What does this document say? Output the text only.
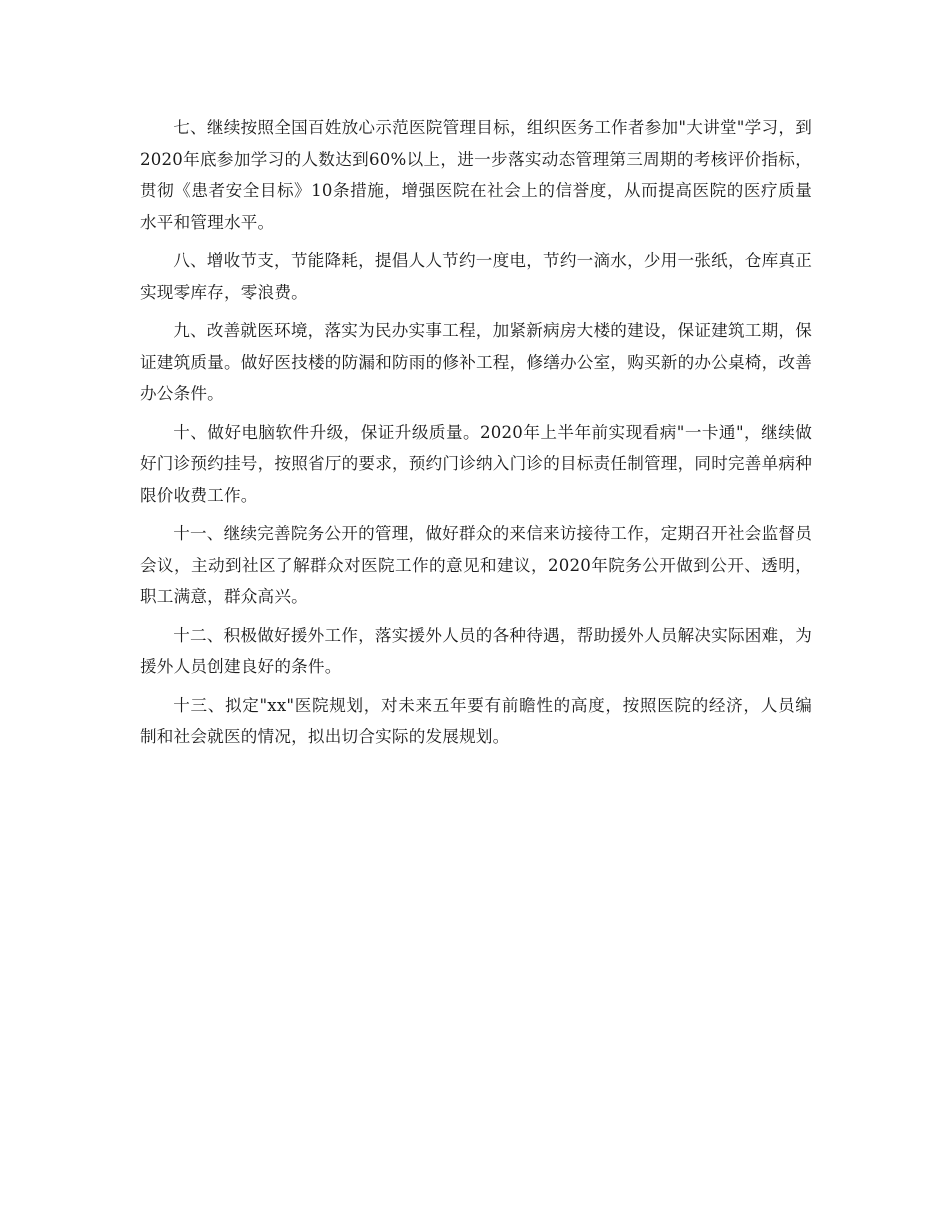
七、继续按照全国百姓放心示范医院管理目标，组织医务工作者参加"大讲堂"学习，到2020年底参加学习的人数达到60%以上，进一步落实动态管理第三周期的考核评价指标，贯彻《患者安全目标》10条措施，增强医院在社会上的信誉度，从而提高医院的医疗质量水平和管理水平。

八、增收节支，节能降耗，提倡人人节约一度电，节约一滴水，少用一张纸，仓库真正实现零库存，零浪费。

九、改善就医环境，落实为民办实事工程，加紧新病房大楼的建设，保证建筑工期，保证建筑质量。做好医技楼的防漏和防雨的修补工程，修缮办公室，购买新的办公桌椅，改善办公条件。

十、做好电脑软件升级，保证升级质量。2020年上半年前实现看病"一卡通"，继续做好门诊预约挂号，按照省厅的要求，预约门诊纳入门诊的目标责任制管理，同时完善单病种限价收费工作。

十一、继续完善院务公开的管理，做好群众的来信来访接待工作，定期召开社会监督员会议，主动到社区了解群众对医院工作的意见和建议，2020年院务公开做到公开、透明，职工满意，群众高兴。

十二、积极做好援外工作，落实援外人员的各种待遇，帮助援外人员解决实际困难，为援外人员创建良好的条件。

十三、拟定"xx"医院规划，对未来五年要有前瞻性的高度，按照医院的经济，人员编制和社会就医的情况，拟出切合实际的发展规划。
